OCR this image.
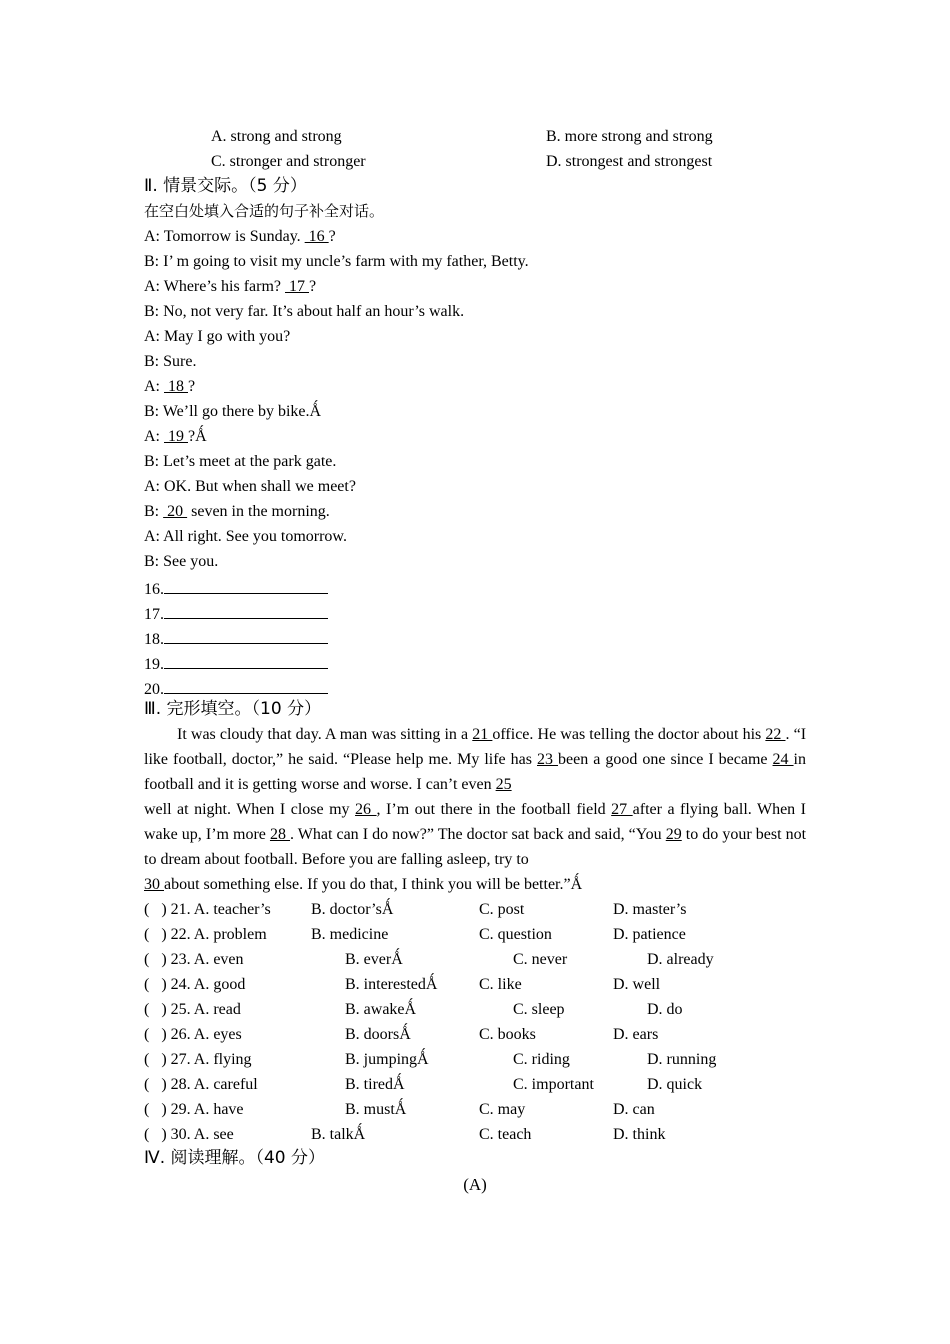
A. strong and strong	B. more strong and strong
C. stronger and stronger	D. strongest and strongest
Ⅱ. 情景交际。（5 分）
在空白处填入合适的句子补全对话。
A: Tomorrow is Sunday.  16 ?
B: I’ m going to visit my uncle’s farm with my father, Betty.
A: Where’s his farm?  17 ?
B: No, not very far. It’s about half an hour’s walk.
A: May I go with you?
B: Sure.
A:  18 ?
B: We’ll go there by bike.Ǻ
A:  19 ?Ǻ
B: Let’s meet at the park gate.
A: OK. But when shall we meet?
B:  20  seven in the morning.
A: All right. See you tomorrow.
B: See you.
16.
17.
18.
19.
20.
Ⅲ. 完形填空。（10 分）
It was cloudy that day. A man was sitting in a 21 office. He was telling the doctor about his 22 . “I like football, doctor,” he said. “Please help me. My life has 23 been a good one since I became 24 in football and it is getting worse and worse. I can’t even 25
well at night. When I close my 26 , I’m out there in the football field 27 after a flying ball. When I wake up, I’m more 28 . What can I do now?” The doctor sat back and said, “You 29 to do your best not to dream about football. Before you are falling asleep, try to
30 about something else. If you do that, I think you will be better.”Ǻ
(   ) 21. A. teacher’s	B. doctor’sǺ	C. post	D. master’s
(   ) 22. A. problem	B. medicine	C. question	D. patience
(   ) 23. A. even	B. everǺ	C. never	D. already
(   ) 24. A. good	B. interestedǺ	C. like	D. well
(   ) 25. A. read	B. awakeǺ	C. sleep	D. do
(   ) 26. A. eyes	B. doorsǺ	C. books	D. ears
(   ) 27. A. flying	B. jumpingǺ	C. riding	D. running
(   ) 28. A. careful	B. tiredǺ	C. important	D. quick
(   ) 29. A. have	B. mustǺ	C. may	D. can
(   ) 30. A. see	B. talkǺ	C. teach	D. think
Ⅳ. 阅读理解。（40 分）
(A)
